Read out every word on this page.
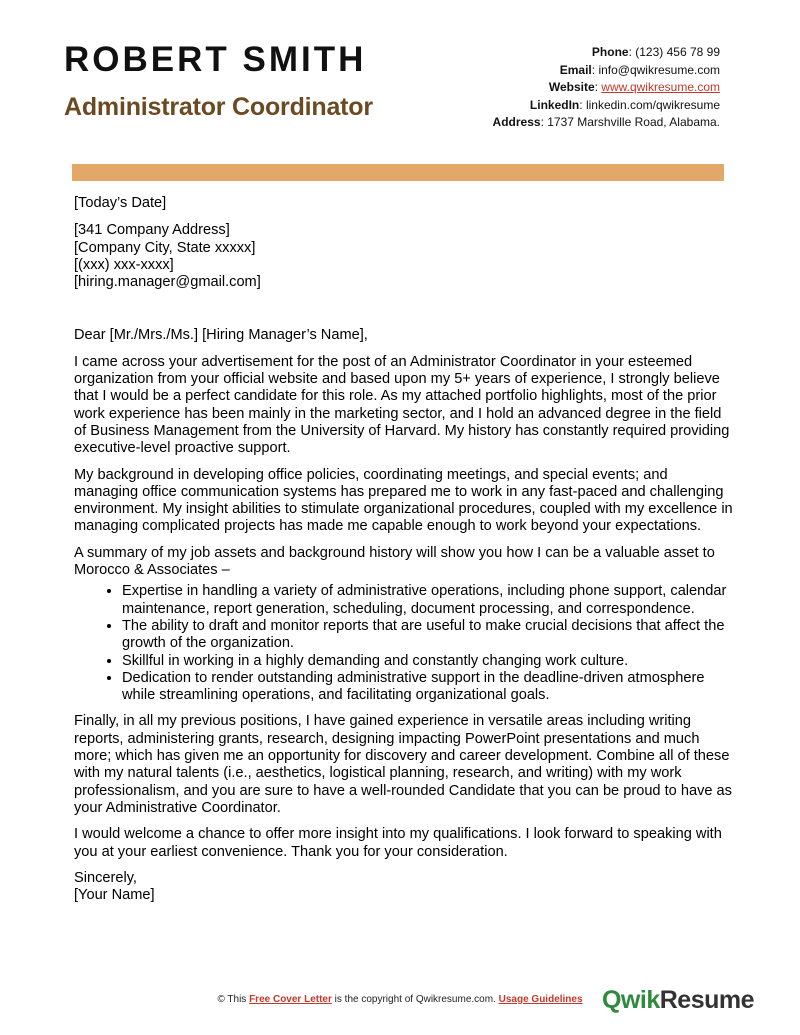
ROBERT SMITH
Administrator Coordinator
Phone: (123) 456 78 99
Email: info@qwikresume.com
Website: www.qwikresume.com
LinkedIn: linkedin.com/qwikresume
Address: 1737 Marshville Road, Alabama.

[Today’s Date]

[341 Company Address]
[Company City, State xxxxx]
[(xxx) xxx-xxxx]
[hiring.manager@gmail.com]

Dear [Mr./Mrs./Ms.] [Hiring Manager’s Name],

I came across your advertisement for the post of an Administrator Coordinator in your esteemed organization from your official website and based upon my 5+ years of experience, I strongly believe that I would be a perfect candidate for this role. As my attached portfolio highlights, most of the prior work experience has been mainly in the marketing sector, and I hold an advanced degree in the field of Business Management from the University of Harvard. My history has constantly required providing executive-level proactive support.

My background in developing office policies, coordinating meetings, and special events; and managing office communication systems has prepared me to work in any fast-paced and challenging environment. My insight abilities to stimulate organizational procedures, coupled with my excellence in managing complicated projects has made me capable enough to work beyond your expectations.

A summary of my job assets and background history will show you how I can be a valuable asset to Morocco & Associates –

• Expertise in handling a variety of administrative operations, including phone support, calendar maintenance, report generation, scheduling, document processing, and correspondence.
• The ability to draft and monitor reports that are useful to make crucial decisions that affect the growth of the organization.
• Skillful in working in a highly demanding and constantly changing work culture.
• Dedication to render outstanding administrative support in the deadline-driven atmosphere while streamlining operations, and facilitating organizational goals.

Finally, in all my previous positions, I have gained experience in versatile areas including writing reports, administering grants, research, designing impacting PowerPoint presentations and much more; which has given me an opportunity for discovery and career development. Combine all of these with my natural talents (i.e., aesthetics, logistical planning, research, and writing) with my work professionalism, and you are sure to have a well-rounded Candidate that you can be proud to have as your Administrative Coordinator.

I would welcome a chance to offer more insight into my qualifications. I look forward to speaking with you at your earliest convenience. Thank you for your consideration.

Sincerely,
[Your Name]
© This Free Cover Letter is the copyright of Qwikresume.com. Usage Guidelines QwikResume
